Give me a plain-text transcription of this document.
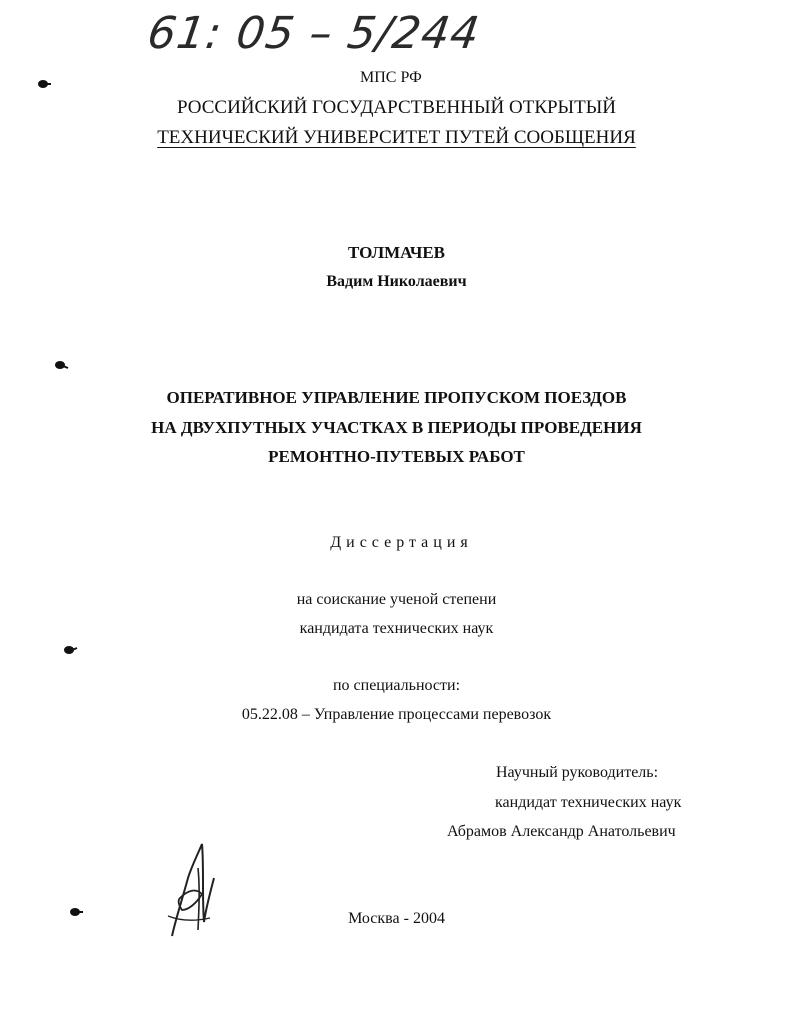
61: 05 – 5/244
МПС РФ
РОССИЙСКИЙ ГОСУДАРСТВЕННЫЙ ОТКРЫТЫЙ
ТЕХНИЧЕСКИЙ УНИВЕРСИТЕТ ПУТЕЙ СООБЩЕНИЯ
ТОЛМАЧЕВ
Вадим Николаевич
ОПЕРАТИВНОЕ УПРАВЛЕНИЕ ПРОПУСКОМ ПОЕЗДОВ
НА ДВУХПУТНЫХ УЧАСТКАХ В ПЕРИОДЫ ПРОВЕДЕНИЯ
РЕМОНТНО-ПУТЕВЫХ РАБОТ
Диссертация
на соискание ученой степени
кандидата технических наук
по специальности:
05.22.08 – Управление процессами перевозок
Научный руководитель:
кандидат технических наук
Абрамов Александр Анатольевич
Москва - 2004
